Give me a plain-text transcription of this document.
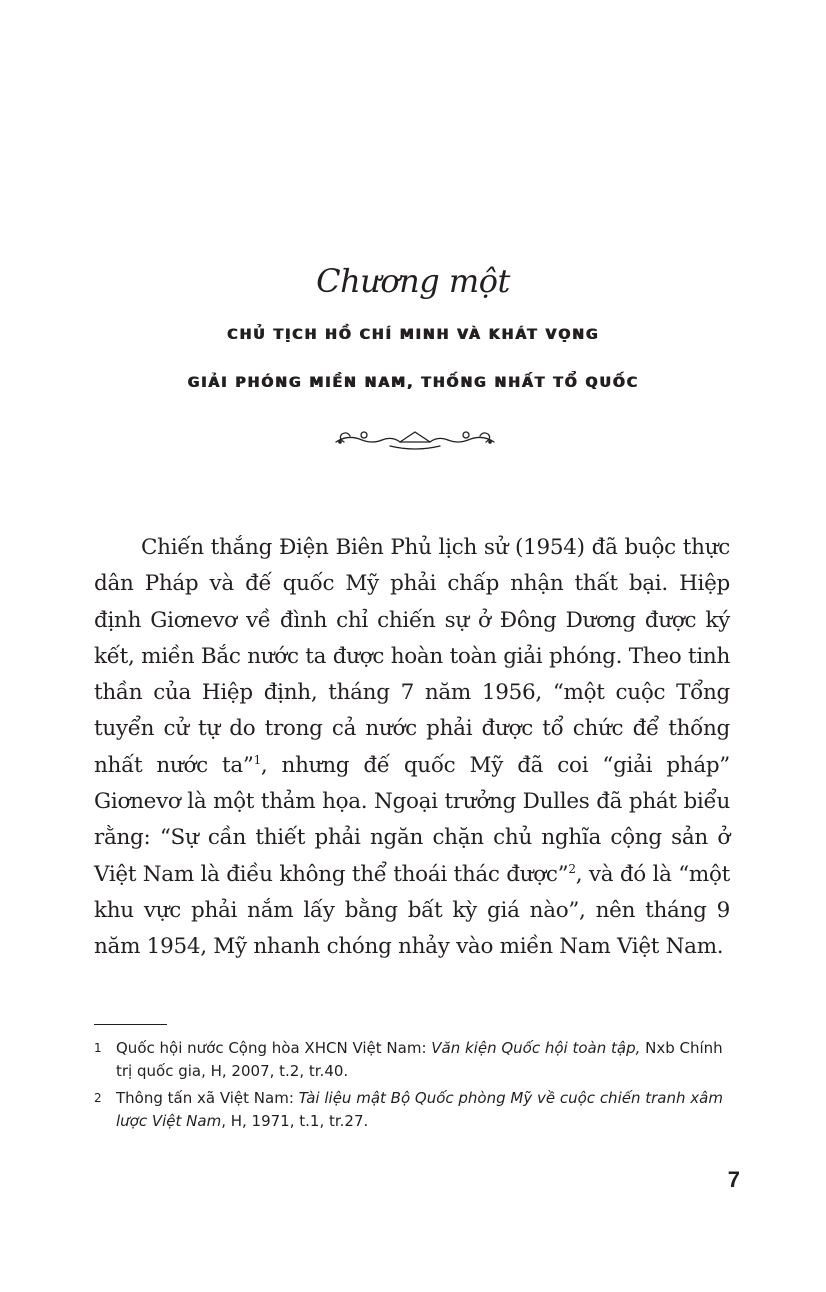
Chương một
CHỦ TỊCH HỒ CHÍ MINH VÀ KHÁT VỌNG
GIẢI PHÓNG MIỀN NAM, THỐNG NHẤT TỔ QUỐC

Chiến thắng Điện Biên Phủ lịch sử (1954) đã buộc thực dân Pháp và đế quốc Mỹ phải chấp nhận thất bại. Hiệp định Giơnevơ về đình chỉ chiến sự ở Đông Dương được ký kết, miền Bắc nước ta được hoàn toàn giải phóng. Theo tinh thần của Hiệp định, tháng 7 năm 1956, “một cuộc Tổng tuyển cử tự do trong cả nước phải được tổ chức để thống nhất nước ta”$^1$, nhưng đế quốc Mỹ đã coi “giải pháp” Giơnevơ là một thảm họa. Ngoại trưởng Dulles đã phát biểu rằng: “Sự cần thiết phải ngăn chặn chủ nghĩa cộng sản ở Việt Nam là điều không thể thoái thác được”$^2$, và đó là “một khu vực phải nắm lấy bằng bất kỳ giá nào”, nên tháng 9 năm 1954, Mỹ nhanh chóng nhảy vào miền Nam Việt Nam.

1 Quốc hội nước Cộng hòa XHCN Việt Nam: Văn kiện Quốc hội toàn tập, Nxb Chính trị quốc gia, H, 2007, t.2, tr.40.
2 Thông tấn xã Việt Nam: Tài liệu mật Bộ Quốc phòng Mỹ về cuộc chiến tranh xâm lược Việt Nam, H, 1971, t.1, tr.27.
7
